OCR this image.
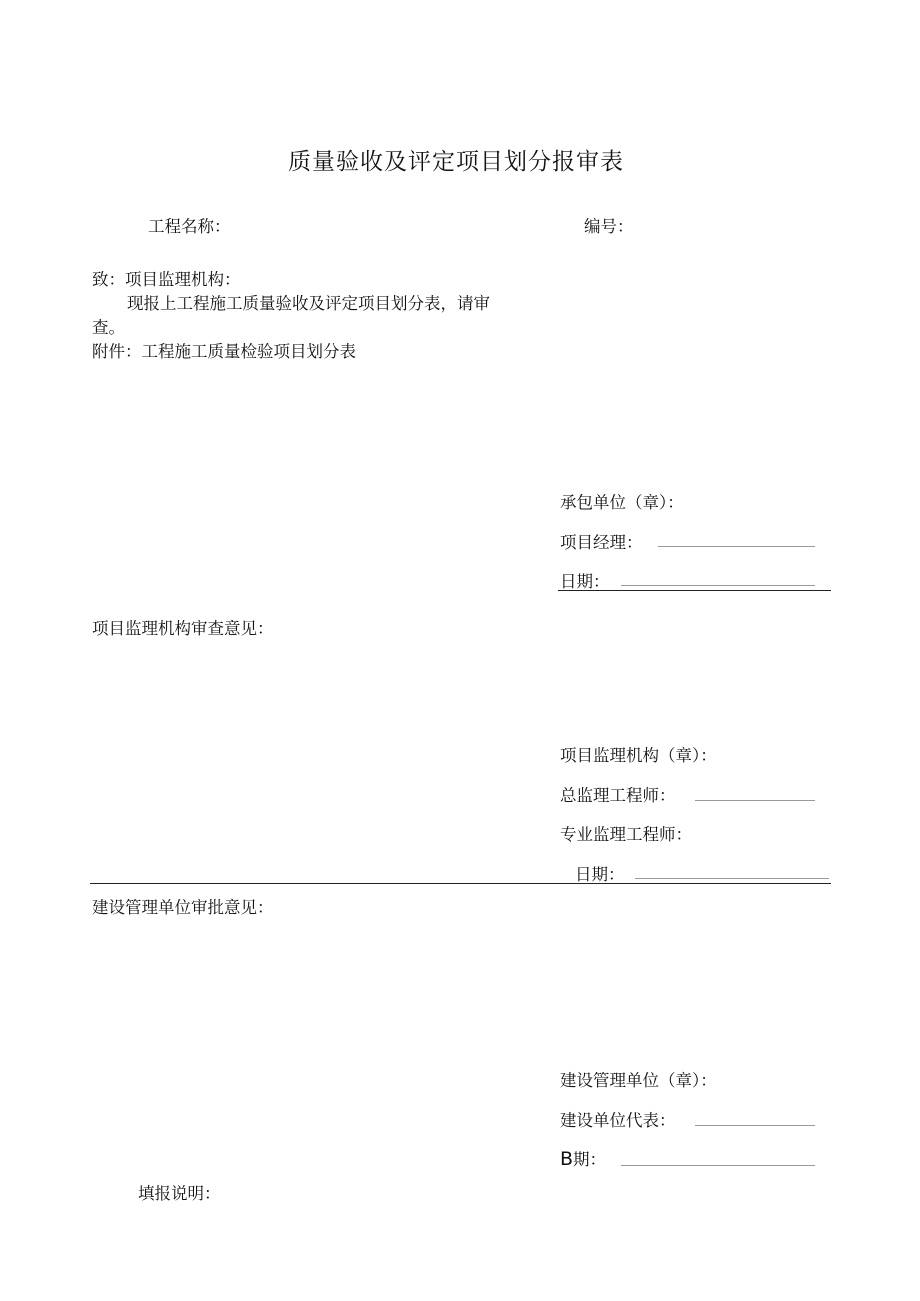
质量验收及评定项目划分报审表
工程名称：	编号：
致：项目监理机构：
现报上工程施工质量验收及评定项目划分表，请审
查。
附件：工程施工质量检验项目划分表
承包单位（章）：
项目经理：
日期：
项目监理机构审查意见：
项目监理机构（章）：
总监理工程师：
专业监理工程师：
日期：
建设管理单位审批意见：
建设管理单位（章）：
建设单位代表：
B期：
填报说明：
